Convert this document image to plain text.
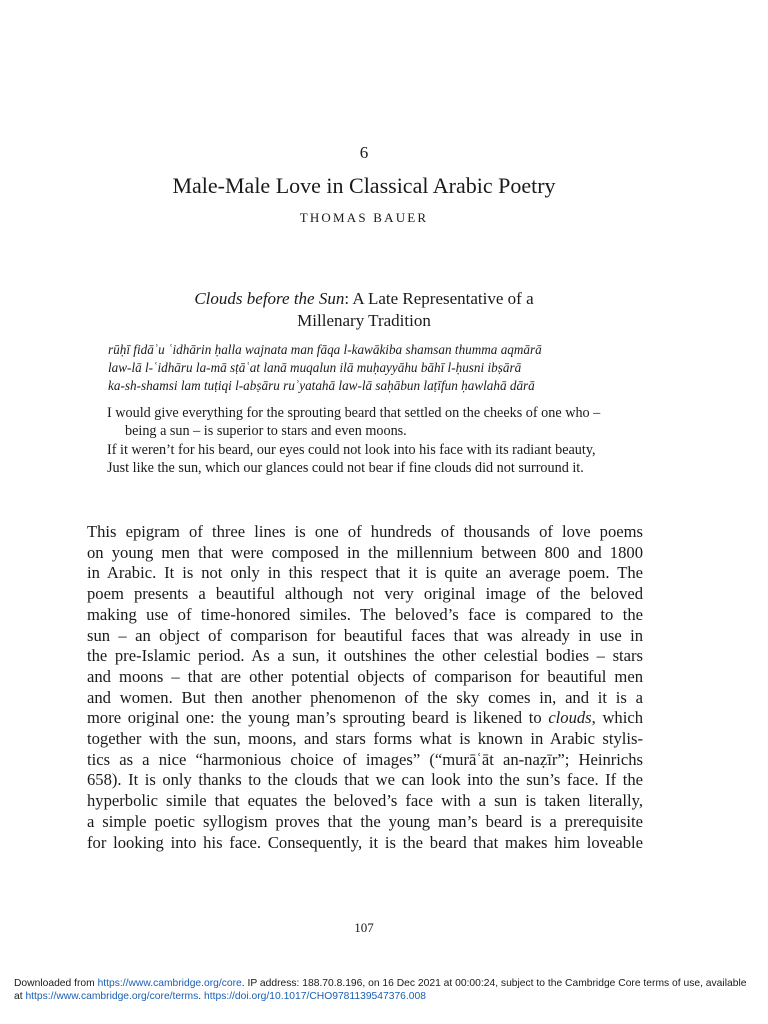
6
Male-Male Love in Classical Arabic Poetry
THOMAS BAUER
Clouds before the Sun: A Late Representative of a
Millenary Tradition
rūḥī fidāʾu ʿidhārin ḥalla wajnata man fāqa l-kawākiba shamsan thumma aqmārā
law-lā l-ʿidhāru la-mā sṭāʿat lanā muqalun ilā muḥayyāhu bāhī l-ḥusni ibṣārā
ka-sh-shamsi lam tuṭiqi l-abṣāru ruʾyatahā law-lā saḥābun laṭīfun ḥawlahā dārā
I would give everything for the sprouting beard that settled on the cheeks of one who – being a sun – is superior to stars and even moons.
If it weren’t for his beard, our eyes could not look into his face with its radiant beauty,
Just like the sun, which our glances could not bear if fine clouds did not surround it.
This epigram of three lines is one of hundreds of thousands of love poems
on young men that were composed in the millennium between 800 and 1800
in Arabic. It is not only in this respect that it is quite an average poem. The
poem presents a beautiful although not very original image of the beloved
making use of time-honored similes. The beloved’s face is compared to the
sun – an object of comparison for beautiful faces that was already in use in
the pre-Islamic period. As a sun, it outshines the other celestial bodies – stars
and moons – that are other potential objects of comparison for beautiful men
and women. But then another phenomenon of the sky comes in, and it is a
more original one: the young man’s sprouting beard is likened to clouds, which
together with the sun, moons, and stars forms what is known in Arabic stylis-
tics as a nice “harmonious choice of images” (“murāʿāt an-naẓīr”; Heinrichs
658). It is only thanks to the clouds that we can look into the sun’s face. If the
hyperbolic simile that equates the beloved’s face with a sun is taken literally,
a simple poetic syllogism proves that the young man’s beard is a prerequisite
for looking into his face. Consequently, it is the beard that makes him loveable
107
Downloaded from https://www.cambridge.org/core. IP address: 188.70.8.196, on 16 Dec 2021 at 00:00:24, subject to the Cambridge Core terms of use, available at https://www.cambridge.org/core/terms. https://doi.org/10.1017/CHO9781139547376.008
